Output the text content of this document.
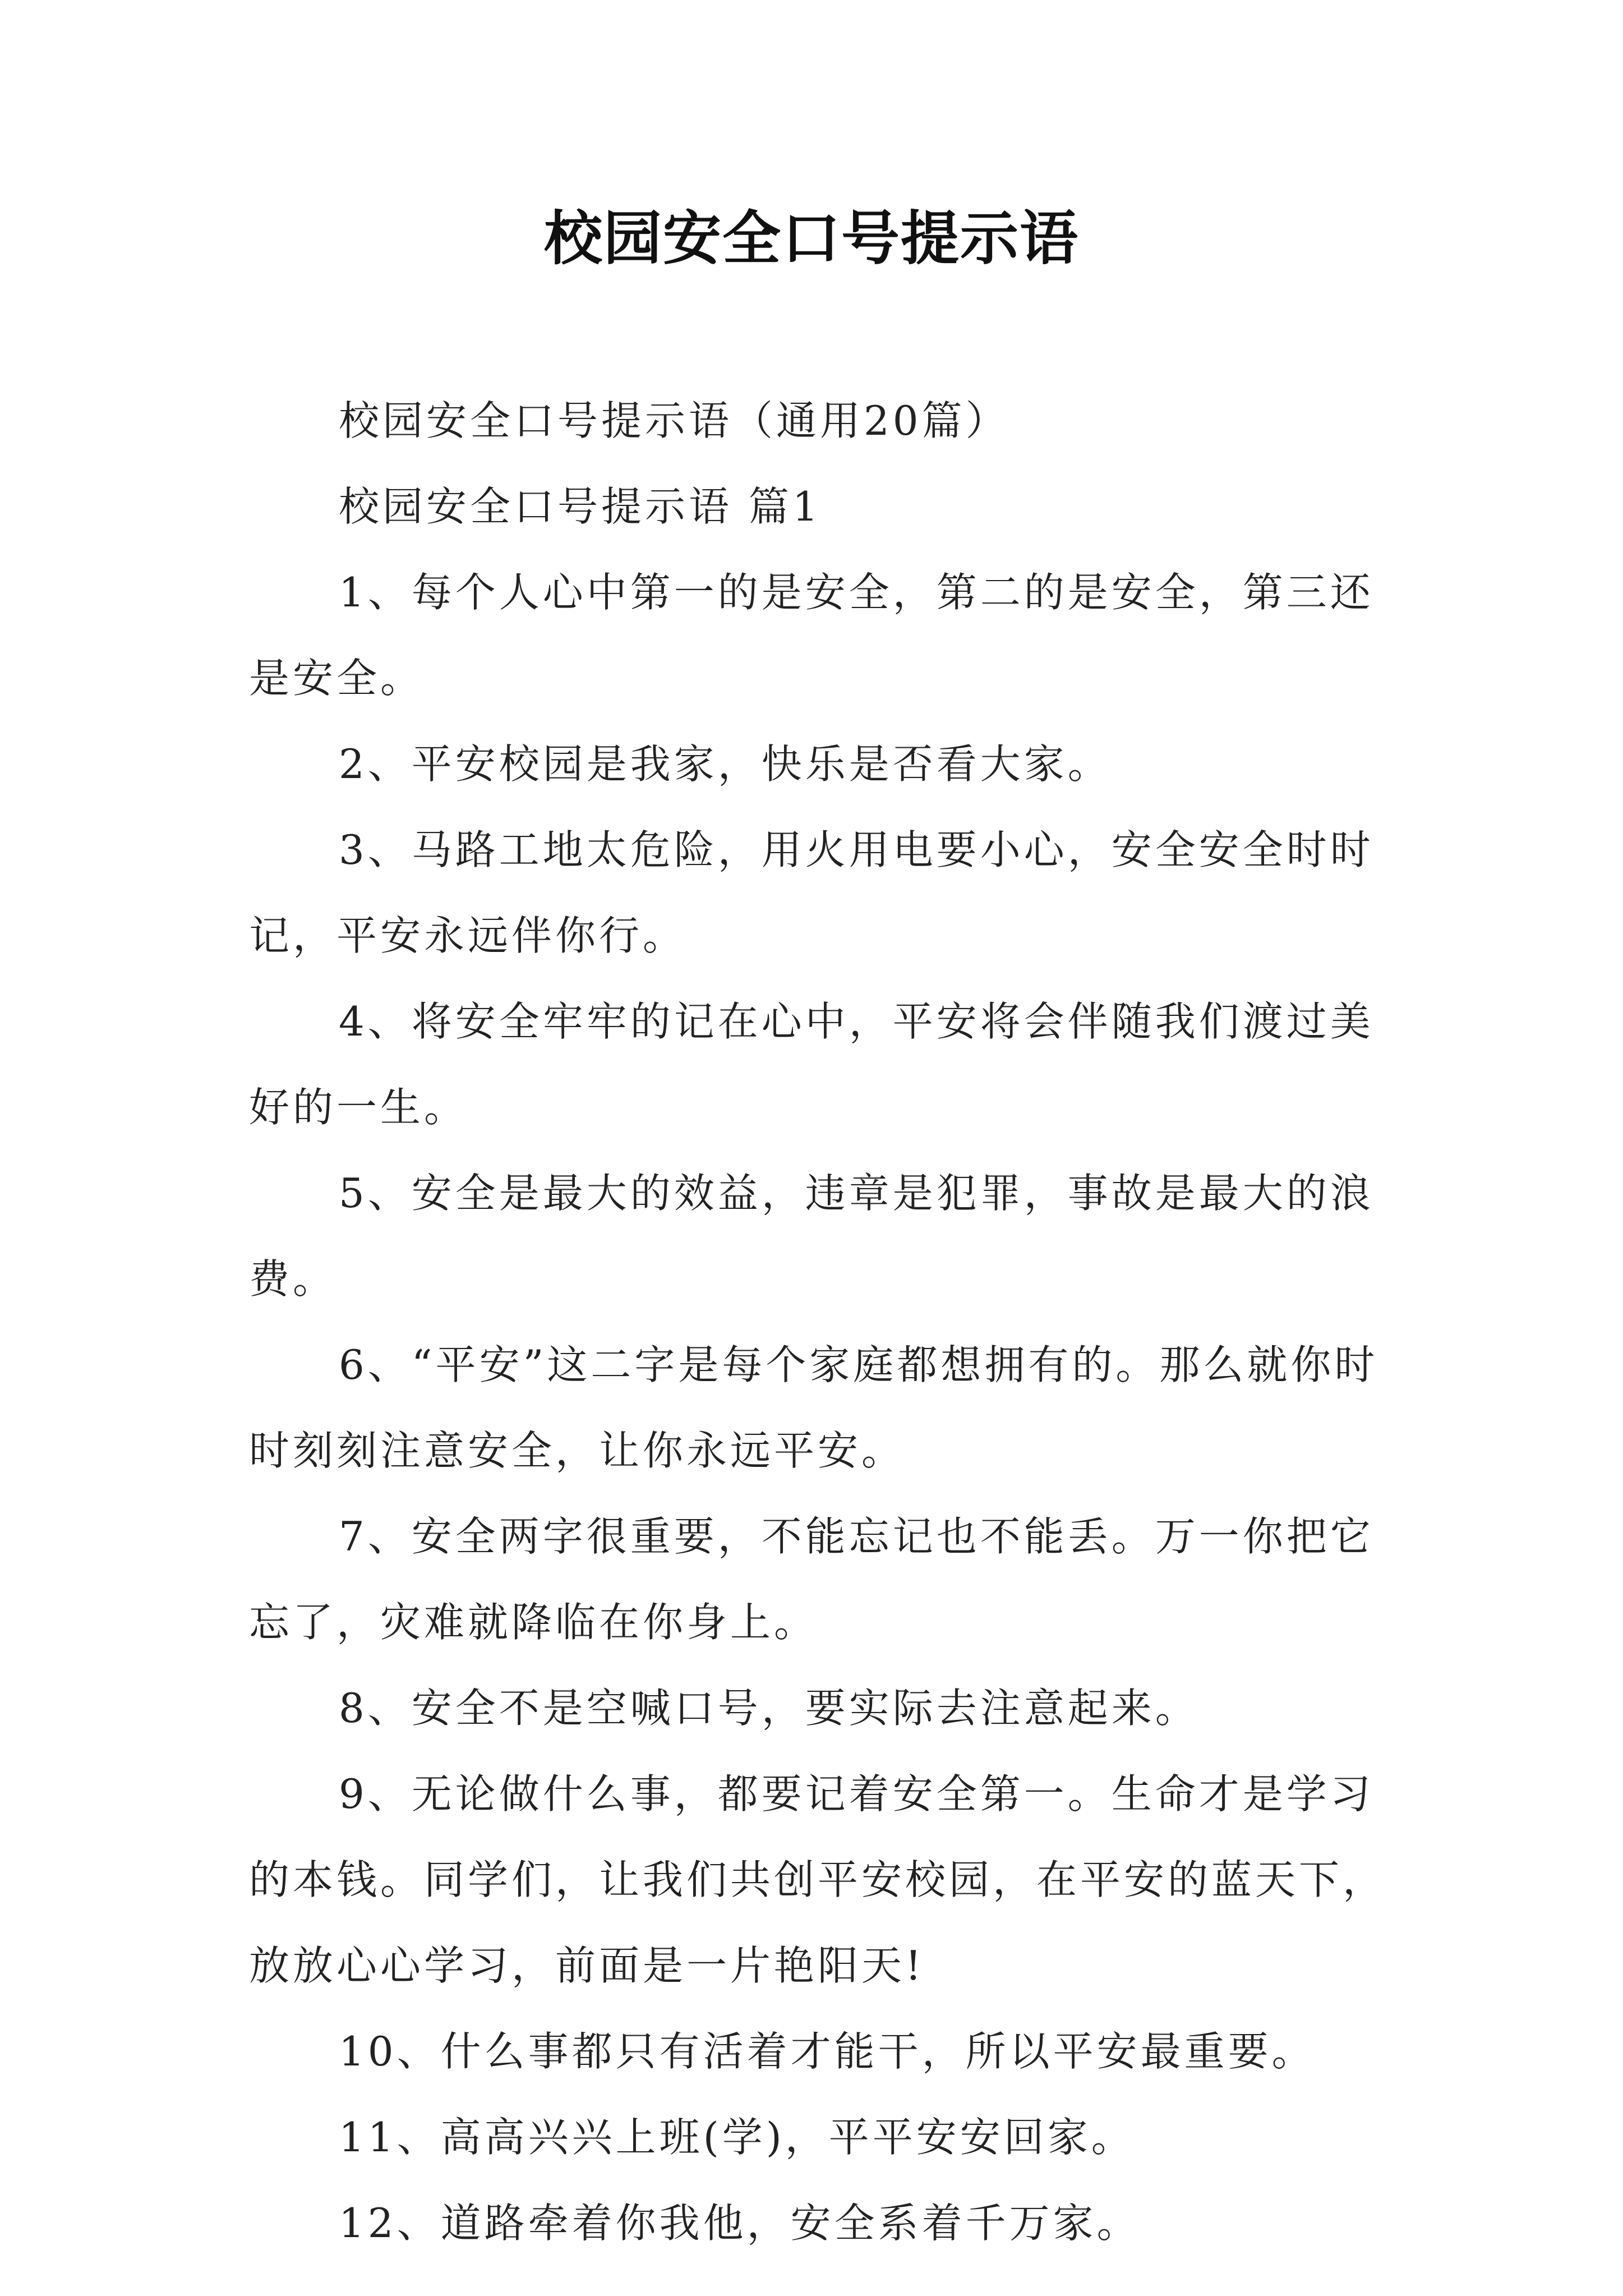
校园安全口号提示语

校园安全口号提示语（通用20篇）

校园安全口号提示语 篇1

1、每个人心中第一的是安全，第二的是安全，第三还是安全。

2、平安校园是我家，快乐是否看大家。

3、马路工地太危险，用火用电要小心，安全安全时时记，平安永远伴你行。

4、将安全牢牢的记在心中，平安将会伴随我们渡过美好的一生。

5、安全是最大的效益，违章是犯罪，事故是最大的浪费。

6、“平安”这二字是每个家庭都想拥有的。那么就你时时刻刻注意安全，让你永远平安。

7、安全两字很重要，不能忘记也不能丢。万一你把它忘了，灾难就降临在你身上。

8、安全不是空喊口号，要实际去注意起来。

9、无论做什么事，都要记着安全第一。生命才是学习的本钱。同学们，让我们共创平安校园，在平安的蓝天下，放放心心学习，前面是一片艳阳天!

10、什么事都只有活着才能干，所以平安最重要。

11、高高兴兴上班(学)，平平安安回家。

12、道路牵着你我他，安全系着千万家。
